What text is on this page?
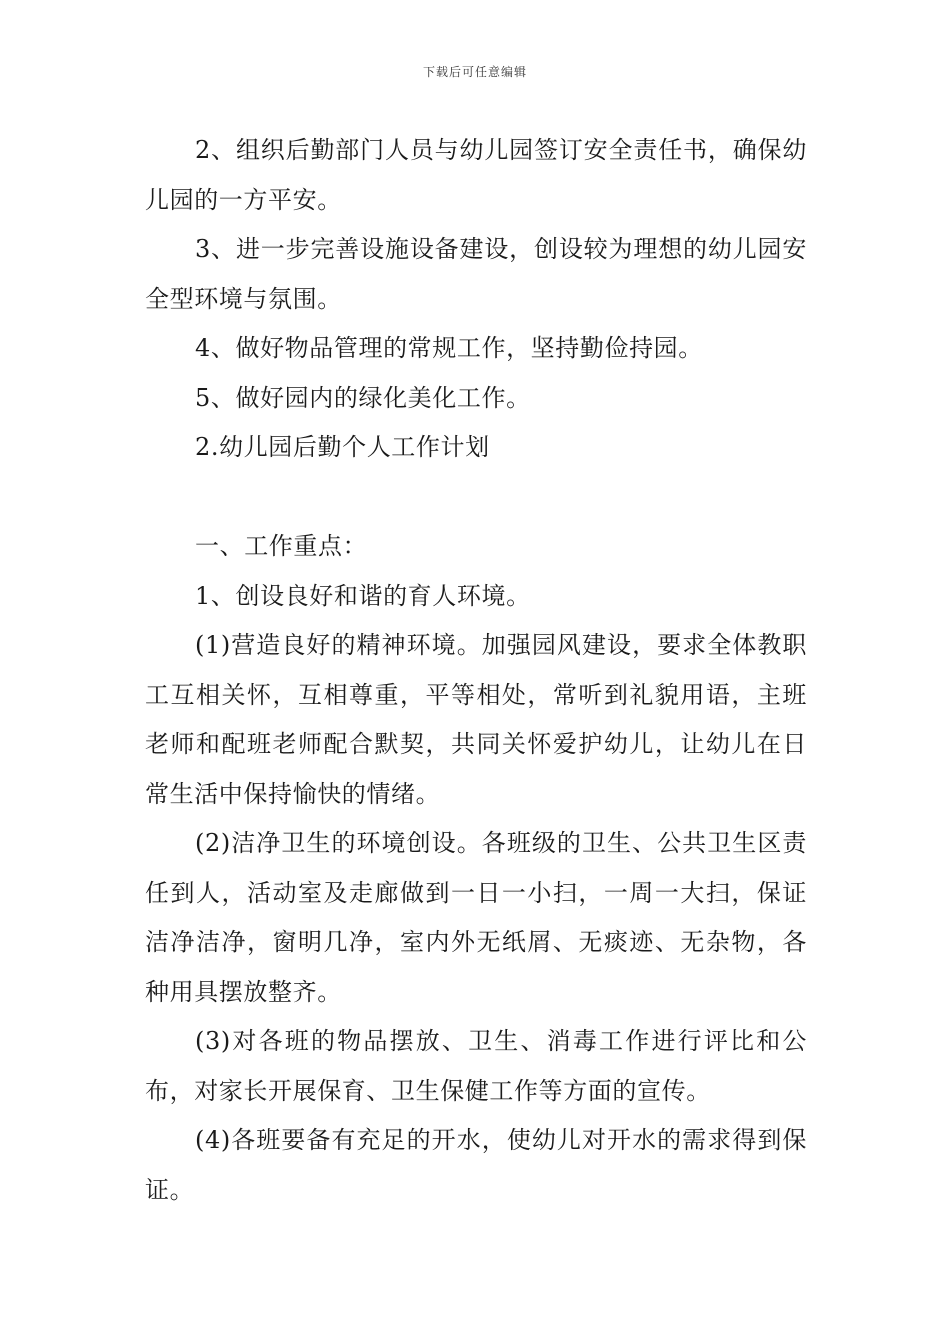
下载后可任意编辑

2、组织后勤部门人员与幼儿园签订安全责任书，确保幼儿园的一方平安。

3、进一步完善设施设备建设，创设较为理想的幼儿园安全型环境与氛围。

4、做好物品管理的常规工作，坚持勤俭持园。

5、做好园内的绿化美化工作。

2.幼儿园后勤个人工作计划

一、工作重点：

1、创设良好和谐的育人环境。

(1)营造良好的精神环境。加强园风建设，要求全体教职工互相关怀，互相尊重，平等相处，常听到礼貌用语，主班老师和配班老师配合默契，共同关怀爱护幼儿，让幼儿在日常生活中保持愉快的情绪。

(2)洁净卫生的环境创设。各班级的卫生、公共卫生区责任到人，活动室及走廊做到一日一小扫，一周一大扫，保证洁净洁净，窗明几净，室内外无纸屑、无痰迹、无杂物，各种用具摆放整齐。

(3)对各班的物品摆放、卫生、消毒工作进行评比和公布，对家长开展保育、卫生保健工作等方面的宣传。

(4)各班要备有充足的开水，使幼儿对开水的需求得到保证。
